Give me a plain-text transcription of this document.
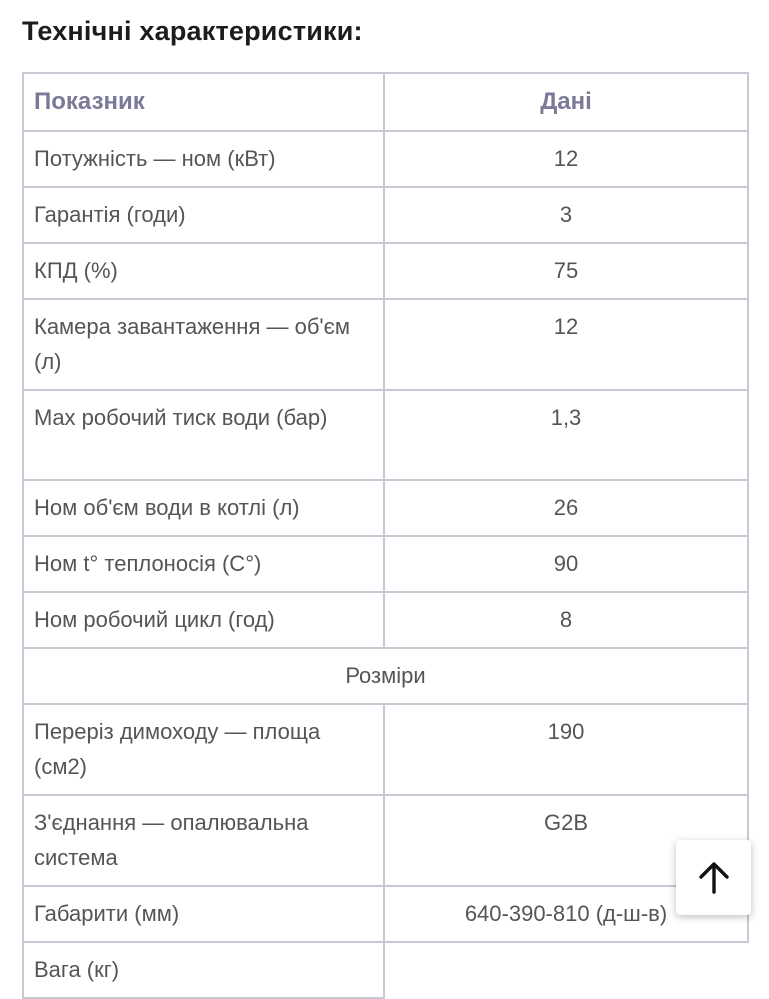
Технічні характеристики:
Показник	Дані
Потужність — ном (кВт)	12
Гарантія (годи)	3
КПД (%)	75
Камера завантаження — об'єм (л)	12
Max робочий тиск води (бар)	1,3
Ном об'єм води в котлі (л)	26
Ном t° теплоносія (С°)	90
Ном робочий цикл (год)	8
Розміри	
Переріз димоходу — площа (см2)	190
З'єднання — опалювальна система	G2B
Габарити (мм)	640-390-810 (д-ш-в)
Вага (кг)	
